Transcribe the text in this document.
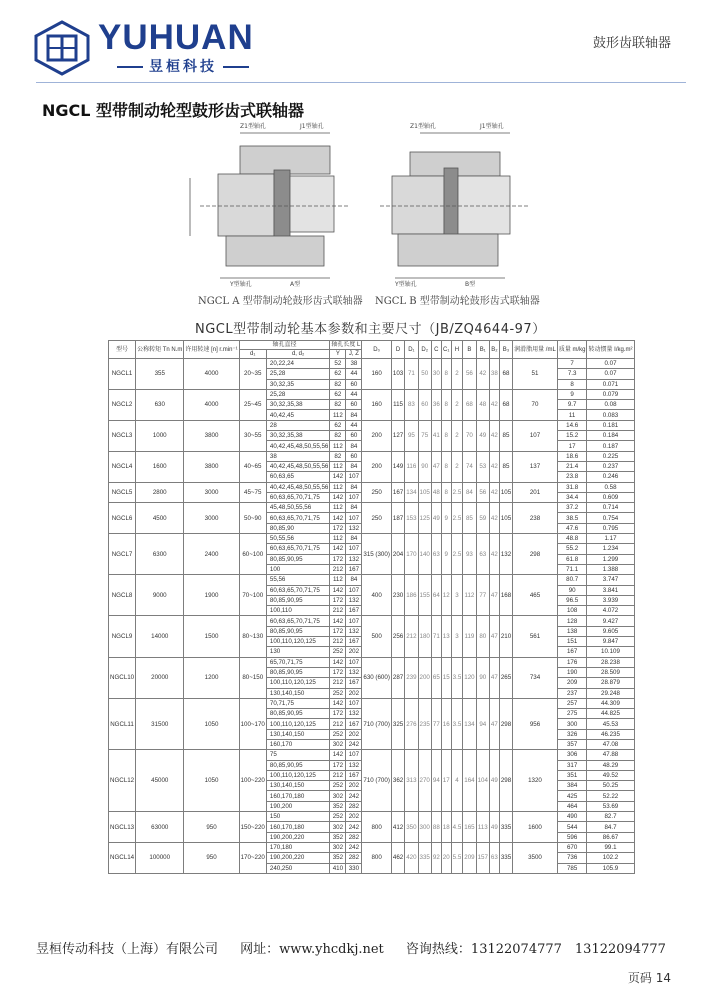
YUHUAN
昱桓科技
鼓形齿联轴器
NGCL 型带制动轮型鼓形齿式联轴器
Z1型轴孔	J1型轴孔
Y型轴孔	A型
Z1型轴孔	J1型轴孔
Y型轴孔	B型
NGCL A 型带制动轮鼓形齿式联轴器 NGCL B 型带制动轮鼓形齿式联轴器
NGCL型带制动轮基本参数和主要尺寸（JB/ZQ4644-97）
型号	公称转矩 Tn N.m	许用转速 [n] r.min⁻¹	轴孔直径		轴孔长度 L		D₀	D	D₁	D₂	C	C₁	H	B	B₁	B₂	B₃	润滑脂用量 /mL	质量 m/kg	转动惯量 I/kg.m²
			d₁	d, d₂	Y	J, Z														
NGCL1	355	4000	20~35	20,22,24	52	38	160	103	71	50	30	8	2	56	42	38	68	51	7	0.07
				25,28	62	44													7.3	0.07
				30,32,35	82	60													8	0.071
NGCL2	630	4000	25~45	25,28	62	44	160	115	83	60	36	8	2	68	48	42	68	70	9	0.079
				30,32,35,38	82	60													9.7	0.08
				40,42,45	112	84													11	0.083
NGCL3	1000	3800	30~55	28	62	44	200	127	95	75	41	8	2	70	49	42	85	107	14.6	0.181
				30,32,35,38	82	60													15.2	0.184
				40,42,45,48,50,55,56	112	84													17	0.187
NGCL4	1600	3800	40~65	38	82	60	200	149	116	90	47	8	2	74	53	42	85	137	18.6	0.225
				40,42,45,48,50,55,56	112	84													21.4	0.237
				60,63,65	142	107													23.8	0.246
NGCL5	2800	3000	45~75	40,42,45,48,50,55,56	112	84	250	167	134	105	48	8	2.5	84	56	42	105	201	31.8	0.58
				60,63,65,70,71,75	142	107													34.4	0.609
NGCL6	4500	3000	50~90	45,48,50,55,56	112	84	250	187	153	125	49	9	2.5	85	59	42	105	238	37.2	0.714
				60,63,65,70,71,75	142	107													38.5	0.754
				80,85,90	172	132													47.6	0.795
NGCL7	6300	2400	60~100	50,55,56	112	84	315 (300)	204	170	140	63	9	2.5	93	63	42	132	298	48.8	1.17
				60,63,65,70,71,75	142	107													55.2	1.234
				80,85,90,95	172	132													61.8	1.299
				100	212	167													71.1	1.388
NGCL8	9000	1900	70~100	55,56	112	84	400	230	186	155	64	12	3	112	77	47	168	465	80.7	3.747
				60,63,65,70,71,75	142	107													90	3.841
				80,85,90,95	172	132													96.5	3.939
				100,110	212	167													108	4.072
NGCL9	14000	1500	80~130	60,63,65,70,71,75	142	107	500	256	212	180	71	13	3	119	80	47	210	561	128	9.427
				80,85,90,95	172	132													138	9.605
				100,110,120,125	212	167													151	9.847
				130	252	202													167	10.109
NGCL10	20000	1200	80~150	65,70,71,75	142	107	630 (600)	287	239	200	65	15	3.5	120	90	47	265	734	176	28.238
				80,85,90,95	172	132													190	28.509
				100,110,120,125	212	167													209	28.879
				130,140,150	252	202													237	29.248
NGCL11	31500	1050	100~170	70,71,75	142	107	710 (700)	325	276	235	77	16	3.5	134	94	47	298	956	257	44.309
				80,85,90,95	172	132													275	44.825
				100,110,120,125	212	167													300	45.53
				130,140,150	252	202													326	46.235
				160,170	302	242													357	47.08
NGCL12	45000	1050	100~220	75	142	107	710 (700)	362	313	270	94	17	4	164	104	49	298	1320	306	47.88
				80,85,90,95	172	132													317	48.29
				100,110,120,125	212	167													351	49.52
				130,140,150	252	202													384	50.25
				160,170,180	302	242													425	52.22
				190,200	352	282													464	53.69
NGCL13	63000	950	150~220	150	252	202	800	412	350	300	88	18	4.5	165	113	49	335	1600	490	82.7
				160,170,180	302	242													544	84.7
				190,200,220	352	282													596	86.67
NGCL14	100000	950	170~220	170,180	302	242	800	462	420	335	92	20	5.5	209	157	63	335	3500	670	99.1
				190,200,220	352	282													736	102.2
				240,250	410	330													785	105.9
昱桓传动科技（上海）有限公司 网址：www.yhcdkj.net 咨询热线：13122074777　13122094777
页码 14
